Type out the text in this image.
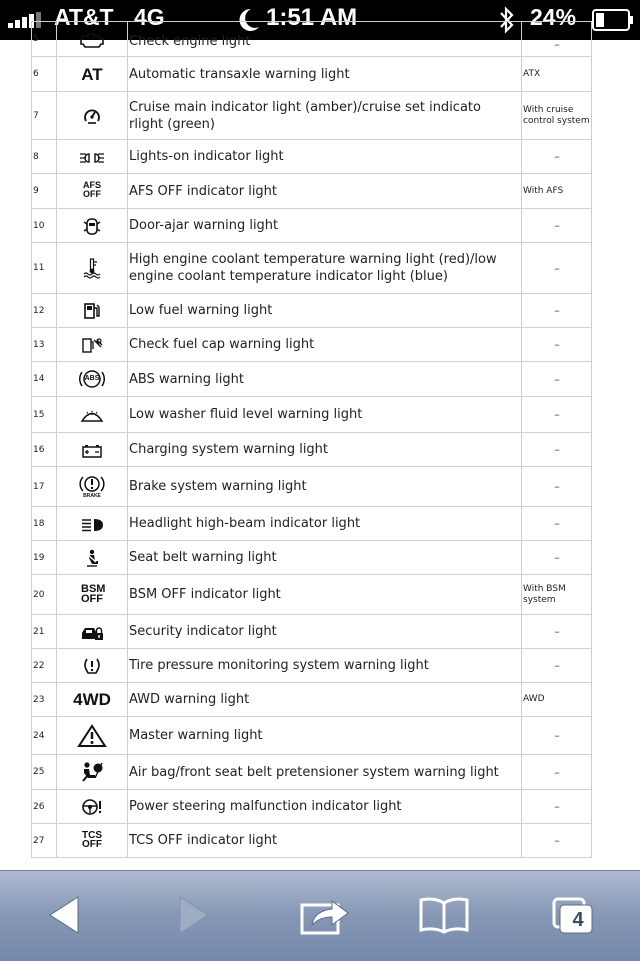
AT&T 4G	1:51 AM	24%
5		Check engine light	–
6	AT	Automatic transaxle warning light	ATX
7		Cruise main indicator light (amber)/cruise set indicato rlight (green)	With cruise control system
8		Lights-on indicator light	–
9	AFS OFF	AFS OFF indicator light	With AFS
10		Door-ajar warning light	–
11		High engine coolant temperature warning light (red)/low engine coolant temperature indicator light (blue)	–
12		Low fuel warning light	–
13		Check fuel cap warning light	–
14	ABS	ABS warning light	–
15		Low washer fluid level warning light	–
16		Charging system warning light	–
17	BRAKE	Brake system warning light	–
18		Headlight high-beam indicator light	–
19		Seat belt warning light	–
20	BSM OFF	BSM OFF indicator light	With BSM system
21		Security indicator light	–
22		Tire pressure monitoring system warning light	–
23	4WD	AWD warning light	AWD
24		Master warning light	–
25		Air bag/front seat belt pretensioner system warning light	–
26		Power steering malfunction indicator light	–
27	TCS OFF	TCS OFF indicator light	–
4
